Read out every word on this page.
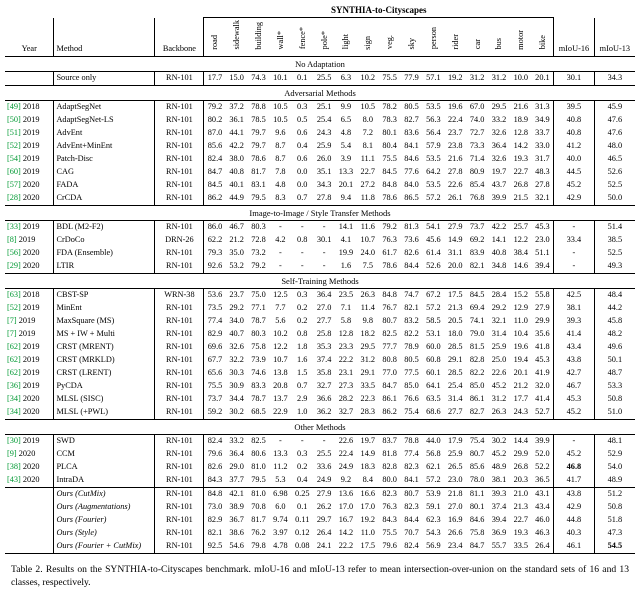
			SYNTHIA-to-Cityscapes																	
Year	Method	Backbone	road	sidewalk	building	wall*	fence*	pole*	light	sign	veg.	sky	person	rider	car	bus	motor	bike	mIoU-16	mIoU-13
No Adaptation																				
	Source only	RN-101	17.7	15.0	74.3	10.1	0.1	25.5	6.3	10.2	75.5	77.9	57.1	19.2	31.2	31.2	10.0	20.1	30.1	34.3
Adversarial Methods																				
[49] 2018	AdaptSegNet	RN-101	79.2	37.2	78.8	10.5	0.3	25.1	9.9	10.5	78.2	80.5	53.5	19.6	67.0	29.5	21.6	31.3	39.5	45.9
[50] 2019	AdaptSegNet-LS	RN-101	80.2	36.1	78.5	10.5	0.5	25.4	6.5	8.0	78.3	82.7	56.3	22.4	74.0	33.2	18.9	34.9	40.8	47.6
[51] 2019	AdvEnt	RN-101	87.0	44.1	79.7	9.6	0.6	24.3	4.8	7.2	80.1	83.6	56.4	23.7	72.7	32.6	12.8	33.7	40.8	47.6
[52] 2019	AdvEnt+MinEnt	RN-101	85.6	42.2	79.7	8.7	0.4	25.9	5.4	8.1	80.4	84.1	57.9	23.8	73.3	36.4	14.2	33.0	41.2	48.0
[54] 2019	Patch-Disc	RN-101	82.4	38.0	78.6	8.7	0.6	26.0	3.9	11.1	75.5	84.6	53.5	21.6	71.4	32.6	19.3	31.7	40.0	46.5
[60] 2019	CAG	RN-101	84.7	40.8	81.7	7.8	0.0	35.1	13.3	22.7	84.5	77.6	64.2	27.8	80.9	19.7	22.7	48.3	44.5	52.6
[57] 2020	FADA	RN-101	84.5	40.1	83.1	4.8	0.0	34.3	20.1	27.2	84.8	84.0	53.5	22.6	85.4	43.7	26.8	27.8	45.2	52.5
[28] 2020	CrCDA	RN-101	86.2	44.9	79.5	8.3	0.7	27.8	9.4	11.8	78.6	86.5	57.2	26.1	76.8	39.9	21.5	32.1	42.9	50.0
Image-to-Image / Style Transfer Methods																				
[33] 2019	BDL (M2-F2)	RN-101	86.0	46.7	80.3	-	-	-	14.1	11.6	79.2	81.3	54.1	27.9	73.7	42.2	25.7	45.3	-	51.4
[8] 2019	CrDoCo	DRN-26	62.2	21.2	72.8	4.2	0.8	30.1	4.1	10.7	76.3	73.6	45.6	14.9	69.2	14.1	12.2	23.0	33.4	38.5
[56] 2020	FDA (Ensemble)	RN-101	79.3	35.0	73.2	-	-	-	19.9	24.0	61.7	82.6	61.4	31.1	83.9	40.8	38.4	51.1	-	52.5
[29] 2020	LTIR	RN-101	92.6	53.2	79.2	-	-	-	1.6	7.5	78.6	84.4	52.6	20.0	82.1	34.8	14.6	39.4	-	49.3
Self-Training Methods																				
[63] 2018	CBST-SP	WRN-38	53.6	23.7	75.0	12.5	0.3	36.4	23.5	26.3	84.8	74.7	67.2	17.5	84.5	28.4	15.2	55.8	42.5	48.4
[52] 2019	MinEnt	RN-101	73.5	29.2	77.1	7.7	0.2	27.0	7.1	11.4	76.7	82.1	57.2	21.3	69.4	29.2	12.9	27.9	38.1	44.2
[7] 2019	MaxSquare (MS)	RN-101	77.4	34.0	78.7	5.6	0.2	27.7	5.8	9.8	80.7	83.2	58.5	20.5	74.1	32.1	11.0	29.9	39.3	45.8
[7] 2019	MS + IW + Multi	RN-101	82.9	40.7	80.3	10.2	0.8	25.8	12.8	18.2	82.5	82.2	53.1	18.0	79.0	31.4	10.4	35.6	41.4	48.2
[62] 2019	CRST (MRENT)	RN-101	69.6	32.6	75.8	12.2	1.8	35.3	23.3	29.5	77.7	78.9	60.0	28.5	81.5	25.9	19.6	41.8	43.4	49.6
[62] 2019	CRST (MRKLD)	RN-101	67.7	32.2	73.9	10.7	1.6	37.4	22.2	31.2	80.8	80.5	60.8	29.1	82.8	25.0	19.4	45.3	43.8	50.1
[62] 2019	CRST (LRENT)	RN-101	65.6	30.3	74.6	13.8	1.5	35.8	23.1	29.1	77.0	77.5	60.1	28.5	82.2	22.6	20.1	41.9	42.7	48.7
[36] 2019	PyCDA	RN-101	75.5	30.9	83.3	20.8	0.7	32.7	27.3	33.5	84.7	85.0	64.1	25.4	85.0	45.2	21.2	32.0	46.7	53.3
[34] 2020	MLSL (SISC)	RN-101	73.7	34.4	78.7	13.7	2.9	36.6	28.2	22.3	86.1	76.6	63.5	31.4	86.1	31.2	17.7	41.4	45.3	50.8
[34] 2020	MLSL (+PWL)	RN-101	59.2	30.2	68.5	22.9	1.0	36.2	32.7	28.3	86.2	75.4	68.6	27.7	82.7	26.3	24.3	52.7	45.2	51.0
Other Methods																				
[30] 2019	SWD	RN-101	82.4	33.2	82.5	-	-	-	22.6	19.7	83.7	78.8	44.0	17.9	75.4	30.2	14.4	39.9	-	48.1
[9] 2020	CCM	RN-101	79.6	36.4	80.6	13.3	0.3	25.5	22.4	14.9	81.8	77.4	56.8	25.9	80.7	45.2	29.9	52.0	45.2	52.9
[38] 2020	PLCA	RN-101	82.6	29.0	81.0	11.2	0.2	33.6	24.9	18.3	82.8	82.3	62.1	26.5	85.6	48.9	26.8	52.2	46.8	54.0
[43] 2020	IntraDA	RN-101	84.3	37.7	79.5	5.3	0.4	24.9	9.2	8.4	80.0	84.1	57.2	23.0	78.0	38.1	20.3	36.5	41.7	48.9
	Ours (CutMix)	RN-101	84.8	42.1	81.0	6.98	0.25	27.9	13.6	16.6	82.3	80.7	53.9	21.8	81.1	39.3	21.0	43.1	43.8	51.2
	Ours (Augmentations)	RN-101	73.0	38.9	70.8	6.0	0.1	26.2	17.0	17.0	76.3	82.3	59.1	27.0	80.1	37.4	21.3	43.4	42.9	50.8
	Ours (Fourier)	RN-101	82.9	36.7	81.7	9.74	0.11	29.7	16.7	19.2	84.3	84.4	62.3	16.9	84.6	39.4	22.7	46.0	44.8	51.8
	Ours (Style)	RN-101	82.1	38.6	76.2	3.97	0.12	26.4	14.2	11.0	75.5	70.7	54.3	26.6	75.8	36.9	19.3	46.3	40.3	47.3
	Ours (Fourier + CutMix)	RN-101	92.5	54.6	79.8	4.78	0.08	24.1	22.2	17.5	79.6	82.4	56.9	23.4	84.7	55.7	33.5	26.4	46.1	54.5
Table 2. Results on the SYNTHIA-to-Cityscapes benchmark. mIoU-16 and mIoU-13 refer to mean intersection-over-union on the standard sets of 16 and 13 classes, respectively.
